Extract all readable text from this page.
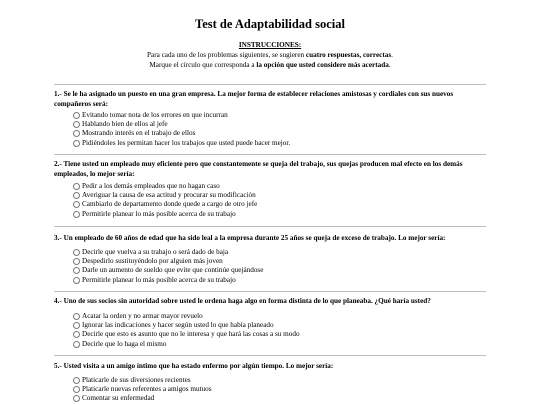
Test de Adaptabilidad social
INSTRUCCIONES:
Para cada uno de los problemas siguientes, se sugieren cuatro respuestas, correctas.
Marque el círculo que corresponda a la opción que usted considere más acertada.
1.- Se le ha asignado un puesto en una gran empresa. La mejor forma de establecer relaciones amistosas y cordiales con sus nuevos compañeros será:
Evitando tomar nota de los errores en que incurran
Hablando bien de ellos al jefe
Mostrando interés en el trabajo de ellos
Pidiéndoles les permitan hacer los trabajos que usted puede hacer mejor.
2.- Tiene usted un empleado muy eficiente pero que constantemente se queja del trabajo, sus quejas producen mal efecto en los demás empleados, lo mejor sería:
Pedir a los demás empleados que no hagan caso
Averiguar la causa de esa actitud y procurar su modificación
Cambiarlo de departamento donde quede a cargo de otro jefe
Permitirle planear lo más posible acerca de su trabajo
3.- Un empleado de 60 años de edad que ha sido leal a la empresa durante 25 años se queja de exceso de trabajo. Lo mejor sería:
Decirle que vuelva a su trabajo o será dado de baja
Despedirlo sustituyéndolo por alguien más joven
Darle un aumento de sueldo que evite que continúe quejándose
Permitirle planear lo más posible acerca de su trabajo
4.- Uno de sus socios sin autoridad sobre usted le ordena haga algo en forma distinta de lo que planeaba. ¿Qué haría usted?
Acatar la orden y no armar mayor revuelo
Ignorar las indicaciones y hacer según usted lo que había planeado
Decirle que esto es asunto que no le interesa y que hará las cosas a su modo
Decirle que lo haga el mismo
5.- Usted visita a un amigo íntimo que ha estado enfermo por algún tiempo. Lo mejor sería:
Platicarle de sus diversiones recientes
Platicarle nuevas referentes a amigos mutuos
Comentar su enfermedad
